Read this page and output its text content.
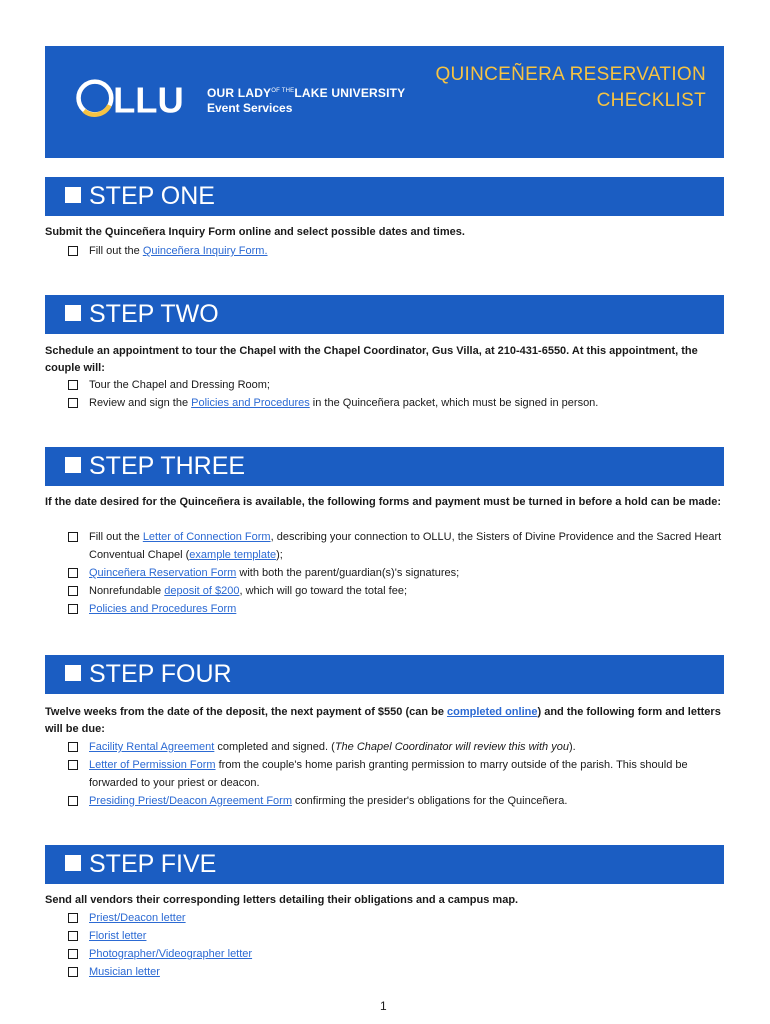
LLU OUR $LADY^{OF THE}LAKE$ UNIVERSITY
Event Services
QUINCEÑERA RESERVATION
CHECKLIST
STEP ONE
Submit the Quinceñera Inquiry Form online and select possible dates and times.
Fill out the Quinceñera Inquiry Form.
STEP TWO
Schedule an appointment to tour the Chapel with the Chapel Coordinator, Gus Villa, at 210-431-6550. At this appointment, the couple will:
Tour the Chapel and Dressing Room;
Review and sign the Policies and Procedures in the Quinceñera packet, which must be signed in person.
STEP THREE
If the date desired for the Quinceñera is available, the following forms and payment must be turned in before a hold can be made:
Fill out the Letter of Connection Form, describing your connection to OLLU, the Sisters of Divine Providence and the Sacred Heart Conventual Chapel (example template);
Quinceñera Reservation Form with both the parent/guardian(s)'s signatures;
Nonrefundable deposit of $200, which will go toward the total fee;
Policies and Procedures Form
STEP FOUR
Twelve weeks from the date of the deposit, the next payment of $550 (can be completed online) and the following form and letters will be due:
Facility Rental Agreement completed and signed. (The Chapel Coordinator will review this with you).
Letter of Permission Form from the couple's home parish granting permission to marry outside of the parish. This should be forwarded to your priest or deacon.
Presiding Priest/Deacon Agreement Form confirming the presider's obligations for the Quinceñera.
STEP FIVE
Send all vendors their corresponding letters detailing their obligations and a campus map.
Priest/Deacon letter
Florist letter
Photographer/Videographer letter
Musician letter
1
